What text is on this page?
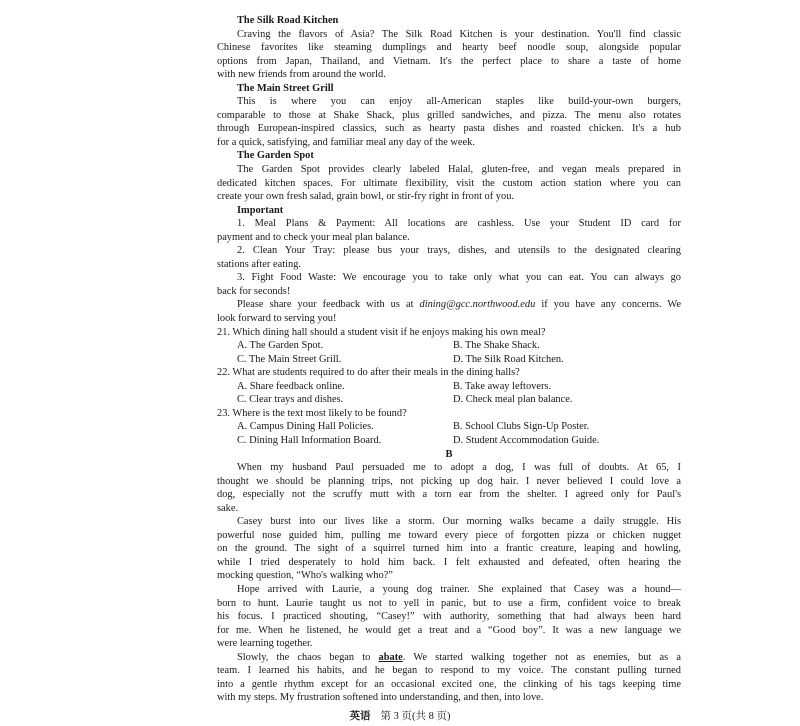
The Silk Road Kitchen
Craving the flavors of Asia? The Silk Road Kitchen is your destination. You'll find classic
Chinese favorites like steaming dumplings and hearty beef noodle soup, alongside popular
options from Japan, Thailand, and Vietnam. It's the perfect place to share a taste of home
with new friends from around the world.
The Main Street Grill
This is where you can enjoy all-American staples like build-your-own burgers,
comparable to those at Shake Shack, plus grilled sandwiches, and pizza. The menu also rotates
through European-inspired classics, such as hearty pasta dishes and roasted chicken. It's a hub
for a quick, satisfying, and familiar meal any day of the week.
The Garden Spot
The Garden Spot provides clearly labeled Halal, gluten-free, and vegan meals prepared in
dedicated kitchen spaces. For ultimate flexibility, visit the custom action station where you can
create your own fresh salad, grain bowl, or stir-fry right in front of you.
Important
1. Meal Plans & Payment: All locations are cashless. Use your Student ID card for
payment and to check your meal plan balance.
2. Clean Your Tray: please bus your trays, dishes, and utensils to the designated clearing
stations after eating.
3. Fight Food Waste: We encourage you to take only what you can eat. You can always go
back for seconds!
Please share your feedback with us at dining@gcc.northwood.edu if you have any concerns. We
look forward to serving you!
21. Which dining hall should a student visit if he enjoys making his own meal?
A. The Garden Spot.	B. The Shake Shack.
C. The Main Street Grill.	D. The Silk Road Kitchen.
22. What are students required to do after their meals in the dining halls?
A. Share feedback online.	B. Take away leftovers.
C. Clear trays and dishes.	D. Check meal plan balance.
23. Where is the text most likely to be found?
A. Campus Dining Hall Policies.	B. School Clubs Sign-Up Poster.
C. Dining Hall Information Board.	D. Student Accommodation Guide.
B
When my husband Paul persuaded me to adopt a dog, I was full of doubts. At 65, I
thought we should be planning trips, not picking up dog hair. I never believed I could love a
dog, especially not the scruffy mutt with a torn ear from the shelter. I agreed only for Paul's
sake.
Casey burst into our lives like a storm. Our morning walks became a daily struggle. His
powerful nose guided him, pulling me toward every piece of forgotten pizza or chicken nugget
on the ground. The sight of a squirrel turned him into a frantic creature, leaping and howling,
while I tried desperately to hold him back. I felt exhausted and defeated, often hearing the
mocking question, “Who's walking who?”
Hope arrived with Laurie, a young dog trainer. She explained that Casey was a hound—
born to hunt. Laurie taught us not to yell in panic, but to use a firm, confident voice to break
his focus. I practiced shouting, “Casey!” with authority, something that had always been hard
for me. When he listened, he would get a treat and a “Good boy”. It was a new language we
were learning together.
Slowly, the chaos began to abate. We started walking together not as enemies, but as a
team. I learned his habits, and he began to respond to my voice. The constant pulling turned
into a gentle rhythm except for an occasional excited one, the clinking of his tags keeping time
with my steps. My frustration softened into understanding, and then, into love.
英语 第 3 页(共 8 页)
